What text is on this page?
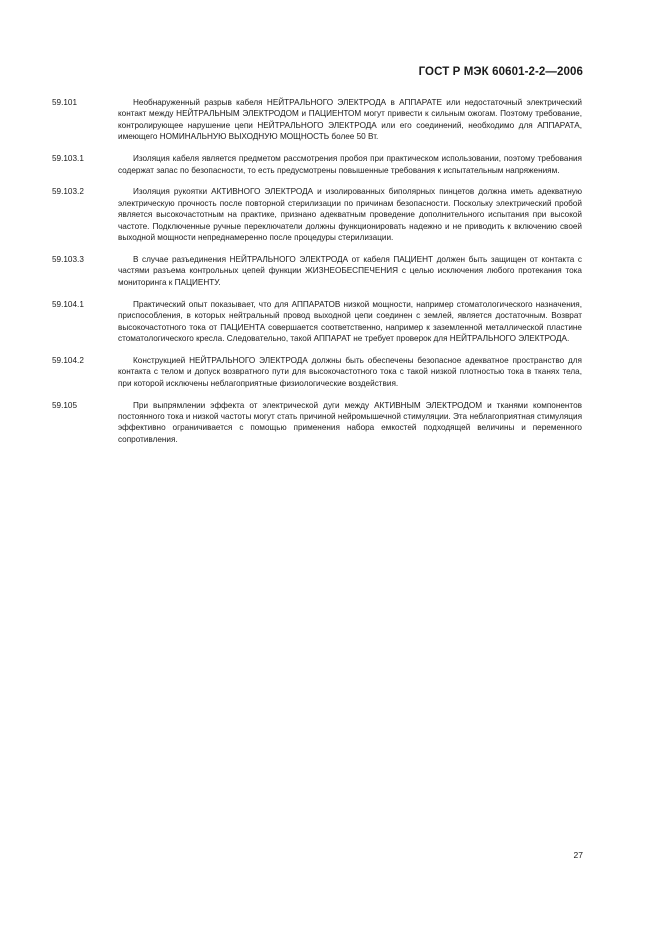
ГОСТ Р МЭК 60601-2-2—2006
59.101	Необнаруженный разрыв кабеля НЕЙТРАЛЬНОГО ЭЛЕКТРОДА в АППАРАТЕ или недостаточный электрический контакт между НЕЙТРАЛЬНЫМ ЭЛЕКТРОДОМ и ПАЦИЕНТОМ могут привести к сильным ожогам. Поэтому требование, контролирующее нарушение цепи НЕЙТРАЛЬНОГО ЭЛЕКТРОДА или его соединений, необходимо для АППАРАТА, имеющего НОМИНАЛЬНУЮ ВЫХОДНУЮ МОЩНОСТЬ более 50 Вт.
59.103.1	Изоляция кабеля является предметом рассмотрения пробоя при практическом использовании, поэтому требования содержат запас по безопасности, то есть предусмотрены повышенные требования к испытательным напряжениям.
59.103.2	Изоляция рукоятки АКТИВНОГО ЭЛЕКТРОДА и изолированных биполярных пинцетов должна иметь адекватную электрическую прочность после повторной стерилизации по причинам безопасности. Поскольку электрический пробой является высокочастотным на практике, признано адекватным проведение дополнительного испытания при высокой частоте. Подключенные ручные переключатели должны функционировать надежно и не приводить к включению своей выходной мощности непреднамеренно после процедуры стерилизации.
59.103.3	В случае разъединения НЕЙТРАЛЬНОГО ЭЛЕКТРОДА от кабеля ПАЦИЕНТ должен быть защищен от контакта с частями разъема контрольных цепей функции ЖИЗНЕОБЕСПЕЧЕНИЯ с целью исключения любого протекания тока мониторинга к ПАЦИЕНТУ.
59.104.1	Практический опыт показывает, что для АППАРАТОВ низкой мощности, например стоматологического назначения, приспособления, в которых нейтральный провод выходной цепи соединен с землей, является достаточным. Возврат высокочастотного тока от ПАЦИЕНТА совершается соответственно, например к заземленной металлической пластине стоматологического кресла. Следовательно, такой АППАРАТ не требует проверок для НЕЙТРАЛЬНОГО ЭЛЕКТРОДА.
59.104.2	Конструкцией НЕЙТРАЛЬНОГО ЭЛЕКТРОДА должны быть обеспечены безопасное адекватное пространство для контакта с телом и допуск возвратного пути для высокочастотного тока с такой низкой плотностью тока в тканях тела, при которой исключены неблагоприятные физиологические воздействия.
59.105	При выпрямлении эффекта от электрической дуги между АКТИВНЫМ ЭЛЕКТРОДОМ и тканями компонентов постоянного тока и низкой частоты могут стать причиной нейромышечной стимуляции. Эта неблагоприятная стимуляция эффективно ограничивается с помощью применения набора емкостей подходящей величины и переменного сопротивления.
27
